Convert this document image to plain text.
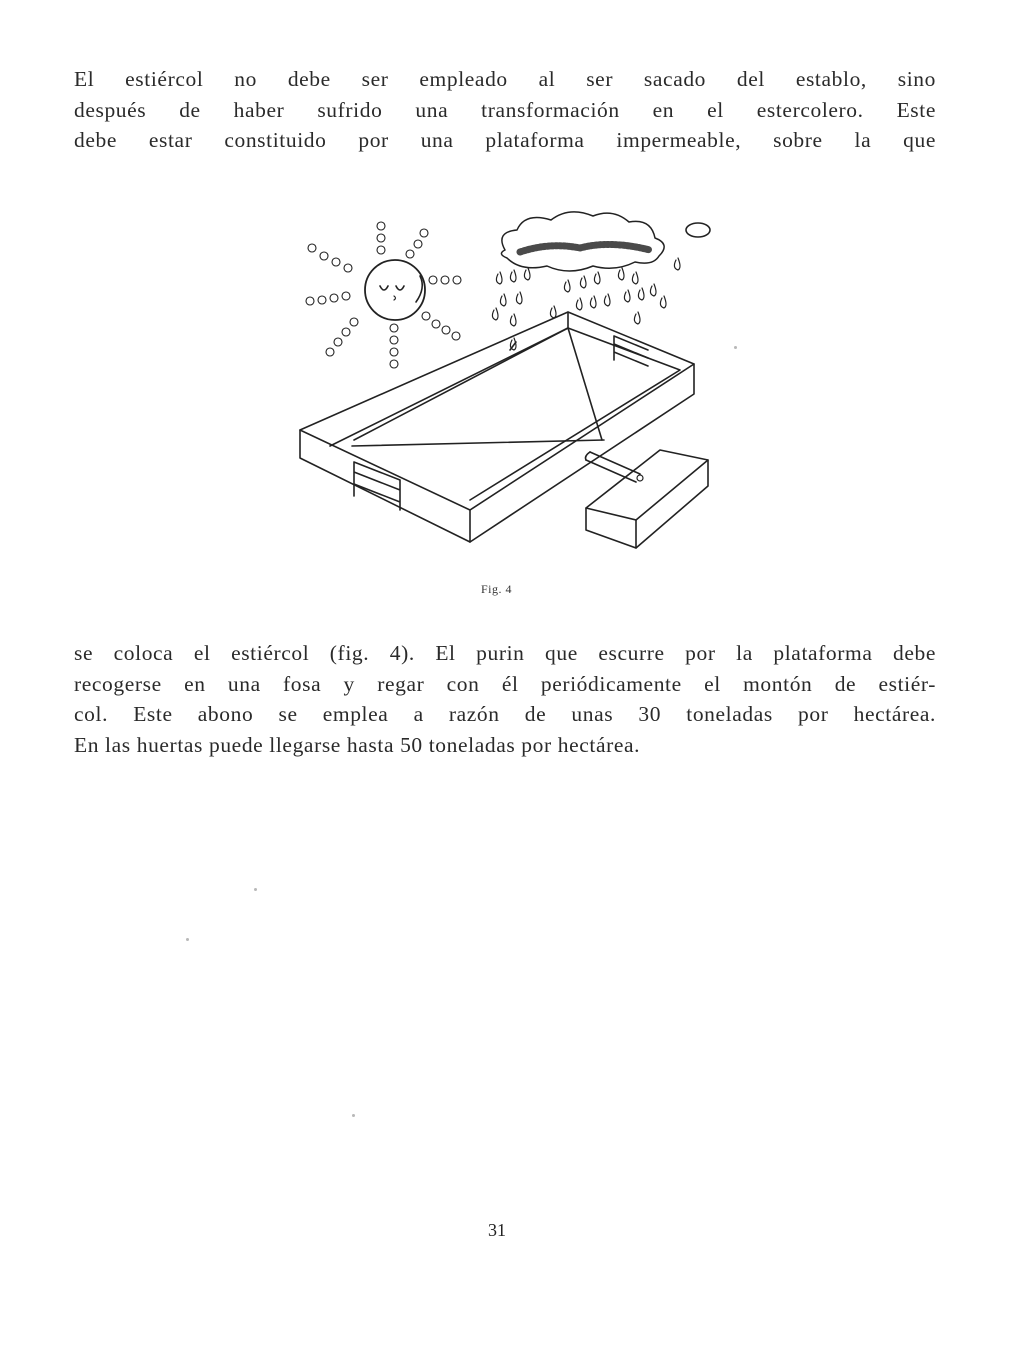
El estiércol no debe ser empleado al ser sacado del establo, sino
después de haber sufrido una transformación en el estercolero. Este
debe estar constituido por una plataforma impermeable, sobre la que
Fig. 4
se coloca el estiércol (fig. 4). El purin que escurre por la plataforma debe
recogerse en una fosa y regar con él periódicamente el montón de estiér-
col. Este abono se emplea a razón de unas 30 toneladas por hectárea.
En las huertas puede llegarse hasta 50 toneladas por hectárea.
31
